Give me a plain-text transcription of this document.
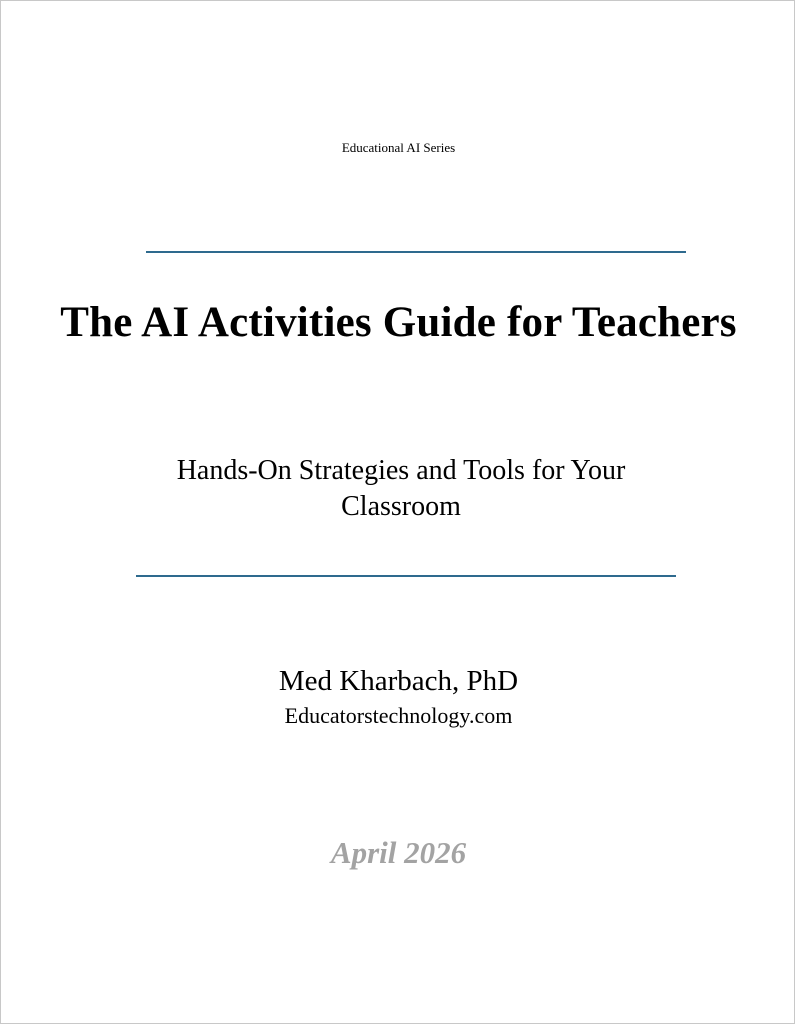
Educational AI Series
The AI Activities Guide for Teachers
Hands-On Strategies and Tools for Your Classroom
Med Kharbach, PhD
Educatorstechnology.com
April 2026
